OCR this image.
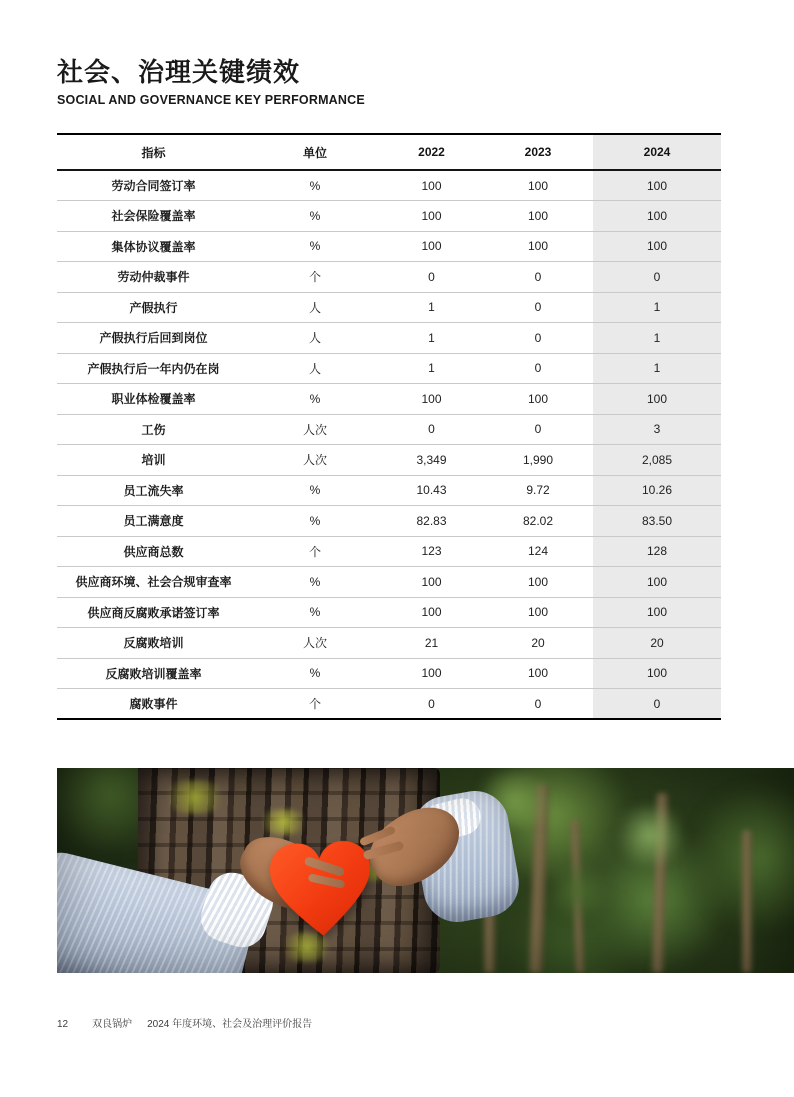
社会、治理关键绩效
SOCIAL AND GOVERNANCE KEY PERFORMANCE
指标	单位	2022	2023	2024
劳动合同签订率	%	100	100	100
社会保险覆盖率	%	100	100	100
集体协议覆盖率	%	100	100	100
劳动仲裁事件	个	0	0	0
产假执行	人	1	0	1
产假执行后回到岗位	人	1	0	1
产假执行后一年内仍在岗	人	1	0	1
职业体检覆盖率	%	100	100	100
工伤	人次	0	0	3
培训	人次	3,349	1,990	2,085
员工流失率	%	10.43	9.72	10.26
员工满意度	%	82.83	82.02	83.50
供应商总数	个	123	124	128
供应商环境、社会合规审查率	%	100	100	100
供应商反腐败承诺签订率	%	100	100	100
反腐败培训	人次	21	20	20
反腐败培训覆盖率	%	100	100	100
腐败事件	个	0	0	0
12 双良锅炉 2024 年度环境、社会及治理评价报告
